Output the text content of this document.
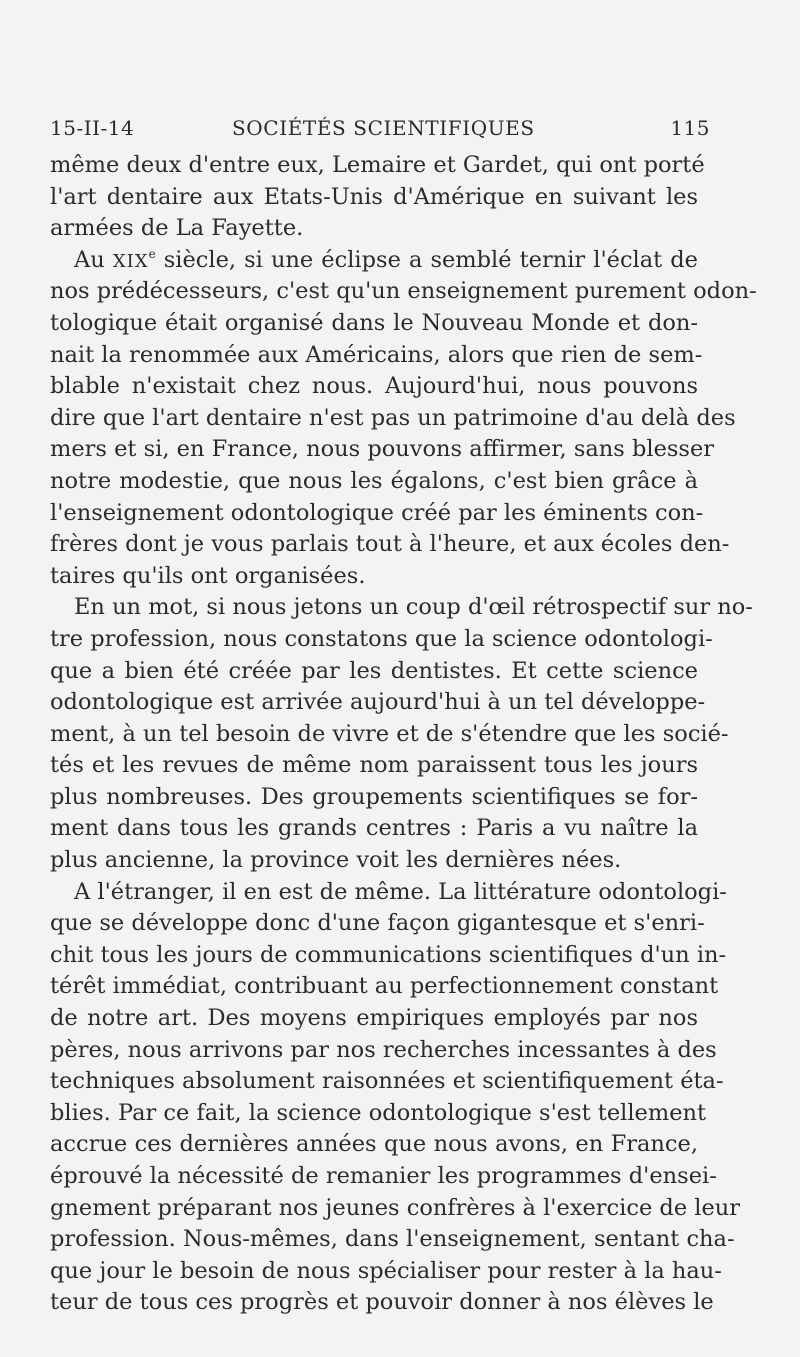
15-II-14	SOCIÉTÉS SCIENTIFIQUES	115
même deux d'entre eux, Lemaire et Gardet, qui ont porté
l'art dentaire aux Etats-Unis d'Amérique en suivant les
armées de La Fayette.
Au XIXe siècle, si une éclipse a semblé ternir l'éclat de
nos prédécesseurs, c'est qu'un enseignement purement odon-
tologique était organisé dans le Nouveau Monde et don-
nait la renommée aux Américains, alors que rien de sem-
blable n'existait chez nous. Aujourd'hui, nous pouvons
dire que l'art dentaire n'est pas un patrimoine d'au delà des
mers et si, en France, nous pouvons affirmer, sans blesser
notre modestie, que nous les égalons, c'est bien grâce à
l'enseignement odontologique créé par les éminents con-
frères dont je vous parlais tout à l'heure, et aux écoles den-
taires qu'ils ont organisées.
En un mot, si nous jetons un coup d'œil rétrospectif sur no-
tre profession, nous constatons que la science odontologi-
que a bien été créée par les dentistes. Et cette science
odontologique est arrivée aujourd'hui à un tel développe-
ment, à un tel besoin de vivre et de s'étendre que les socié-
tés et les revues de même nom paraissent tous les jours
plus nombreuses. Des groupements scientifiques se for-
ment dans tous les grands centres : Paris a vu naître la
plus ancienne, la province voit les dernières nées.
A l'étranger, il en est de même. La littérature odontologi-
que se développe donc d'une façon gigantesque et s'enri-
chit tous les jours de communications scientifiques d'un in-
térêt immédiat, contribuant au perfectionnement constant
de notre art. Des moyens empiriques employés par nos
pères, nous arrivons par nos recherches incessantes à des
techniques absolument raisonnées et scientifiquement éta-
blies. Par ce fait, la science odontologique s'est tellement
accrue ces dernières années que nous avons, en France,
éprouvé la nécessité de remanier les programmes d'ensei-
gnement préparant nos jeunes confrères à l'exercice de leur
profession. Nous-mêmes, dans l'enseignement, sentant cha-
que jour le besoin de nous spécialiser pour rester à la hau-
teur de tous ces progrès et pouvoir donner à nos élèves le
